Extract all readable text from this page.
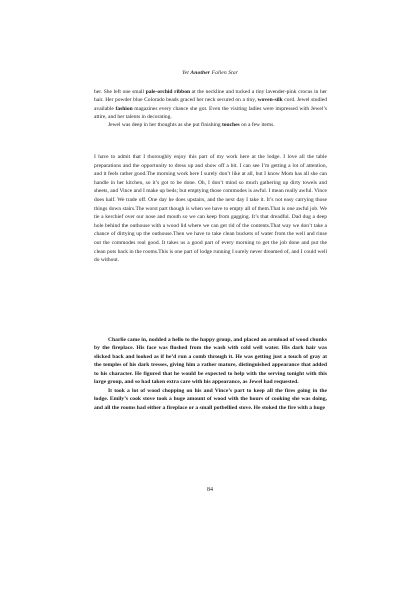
Yet Another Fallen Star

her. She left one small pale-orchid ribbon at the neckline and tucked a tiny lavender-pink crocus in her hair. Her powder blue Colorado beads graced her neck secured on a tiny, woven-silk cord. Jewel studied available fashion magazines every chance she got. Even the visiting ladies were impressed with Jewel’s attire, and her talents in decorating.

Jewel was deep in her thoughts as she put finishing touches on a few items.

I have to admit that I thoroughly enjoy this part of my work here at the lodge. I love all the table preparations and the opportunity to dress up and show off a bit. I can see I’m getting a lot of attention, and it feels rather good.The morning work here I surely don’t like at all, but I know Mom has all she can handle in her kitchen, so it’s got to be done. Oh, I don’t mind so much gathering up dirty towels and sheets, and Vince and I make up beds; but emptying those commodes is awful. I mean really awful. Vince does half. We trade off. One day he does upstairs, and the next day I take it. It’s not easy carrying those things down stairs.The worst part though is when we have to empty all of them.That is one awful job. We tie a kerchief over our nose and mouth so we can keep from gagging. It’s that dreadful. Dad dug a deep hole behind the outhouse with a wood lid where we can get rid of the contents.That way we don’t take a chance of dirtying up the outhouse.Then we have to take clean buckets of water from the well and rinse out the commodes real good. It takes us a good part of every morning to get the job done and put the clean pots back in the rooms.This is one part of lodge running I surely never dreamed of, and I could well do without.

Charlie came in, nodded a hello to the happy group, and placed an armload of wood chunks by the fireplace. His face was flushed from the wash with cold well water. His dark hair was slicked back and looked as if he’d run a comb through it. He was getting just a touch of gray at the temples of his dark tresses, giving him a rather mature, distinguished appearance that added to his character. He figured that he would be expected to help with the serving tonight with this large group, and so had taken extra care with his appearance, as Jewel had requested.

It took a lot of wood chopping on his and Vince’s part to keep all the fires going in the lodge. Emily’s cook stove took a huge amount of wood with the hours of cooking she was doing, and all the rooms had either a fireplace or a small potbellied stove. He stoked the fire with a huge

84
